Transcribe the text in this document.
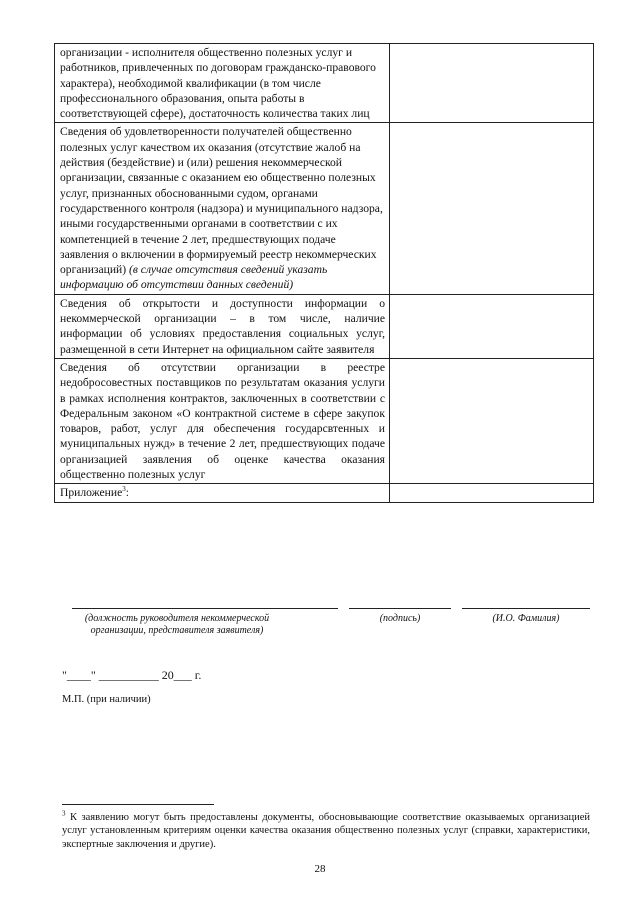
организации - исполнителя общественно полезных услуг и работников, привлеченных по договорам гражданско-правового характера), необходимой квалификации (в том числе профессионального образования, опыта работы в соответствующей сфере), достаточность количества таких лиц	
Сведения об удовлетворенности получателей общественно полезных услуг качеством их оказания (отсутствие жалоб на действия (бездействие) и (или) решения некоммерческой организации, связанные с оказанием ею общественно полезных услуг, признанных обоснованными судом, органами государственного контроля (надзора) и муниципального надзора, иными государственными органами в соответствии с их компетенцией в течение 2 лет, предшествующих подаче заявления о включении в формируемый реестр некоммерческих организаций) (в случае отсутствия сведений указать информацию об отсутствии данных сведений)	
Сведения об открытости и доступности информации о некоммерческой организации – в том числе, наличие информации об условиях предоставления социальных услуг, размещенной в сети Интернет на официальном сайте заявителя	
Сведения об отсутствии организации в реестре недобросовестных поставщиков по результатам оказания услуги в рамках исполнения контрактов, заключенных в соответствии с Федеральным законом «О контрактной системе в сфере закупок товаров, работ, услуг для обеспечения государсвтенных и муниципальных нужд» в течение 2 лет, предшествующих подаче организацией заявления об оценке качества оказания общественно полезных услуг	
Приложение$^3$:	
(должность руководителя некоммерческой
организации, представителя заявителя)
(подпись)	(И.О. Фамилия)
"____" __________ 20___ г.
М.П. (при наличии)
$^3$ К заявлению могут быть предоставлены документы, обосновывающие соответствие оказываемых организацией услуг установленным критериям оценки качества оказания общественно полезных услуг (справки, характеристики, экспертные заключения и другие).
28
